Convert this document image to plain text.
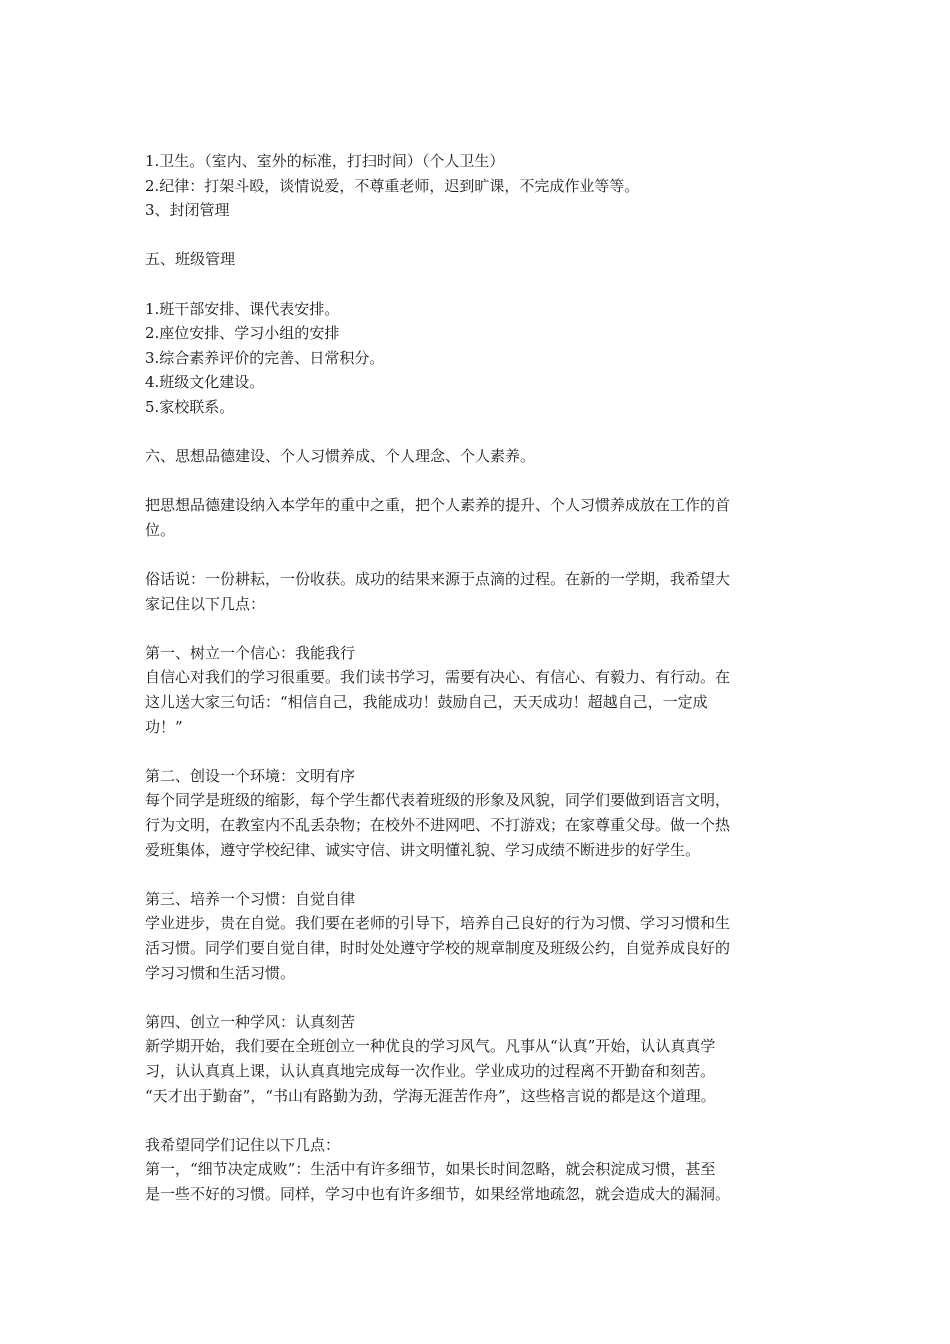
1.卫生。（室内、室外的标准，打扫时间）（个人卫生）
2.纪律：打架斗殴，谈情说爱，不尊重老师，迟到旷课，不完成作业等等。
3、封闭管理
五、班级管理
1.班干部安排、课代表安排。
2.座位安排、学习小组的安排
3.综合素养评价的完善、日常积分。
4.班级文化建设。
5.家校联系。
六、思想品德建设、个人习惯养成、个人理念、个人素养。
把思想品德建设纳入本学年的重中之重，把个人素养的提升、个人习惯养成放在工作的首
位。
俗话说：一份耕耘，一份收获。成功的结果来源于点滴的过程。在新的一学期，我希望大
家记住以下几点：
第一、树立一个信心：我能我行
自信心对我们的学习很重要。我们读书学习，需要有决心、有信心、有毅力、有行动。在
这儿送大家三句话：“相信自己，我能成功！鼓励自己，天天成功！超越自己，一定成
功！”
第二、创设一个环境：文明有序
每个同学是班级的缩影，每个学生都代表着班级的形象及风貌，同学们要做到语言文明，
行为文明，在教室内不乱丢杂物；在校外不进网吧、不打游戏；在家尊重父母。做一个热
爱班集体，遵守学校纪律、诚实守信、讲文明懂礼貌、学习成绩不断进步的好学生。
第三、培养一个习惯：自觉自律
学业进步，贵在自觉。我们要在老师的引导下，培养自己良好的行为习惯、学习习惯和生
活习惯。同学们要自觉自律，时时处处遵守学校的规章制度及班级公约，自觉养成良好的
学习习惯和生活习惯。
第四、创立一种学风：认真刻苦
新学期开始，我们要在全班创立一种优良的学习风气。凡事从“认真”开始，认认真真学
习，认认真真上课，认认真真地完成每一次作业。学业成功的过程离不开勤奋和刻苦。
“天才出于勤奋”，“书山有路勤为劲，学海无涯苦作舟”，这些格言说的都是这个道理。
我希望同学们记住以下几点：
第一，“细节决定成败”：生活中有许多细节，如果长时间忽略，就会积淀成习惯，甚至
是一些不好的习惯。同样，学习中也有许多细节，如果经常地疏忽，就会造成大的漏洞。
